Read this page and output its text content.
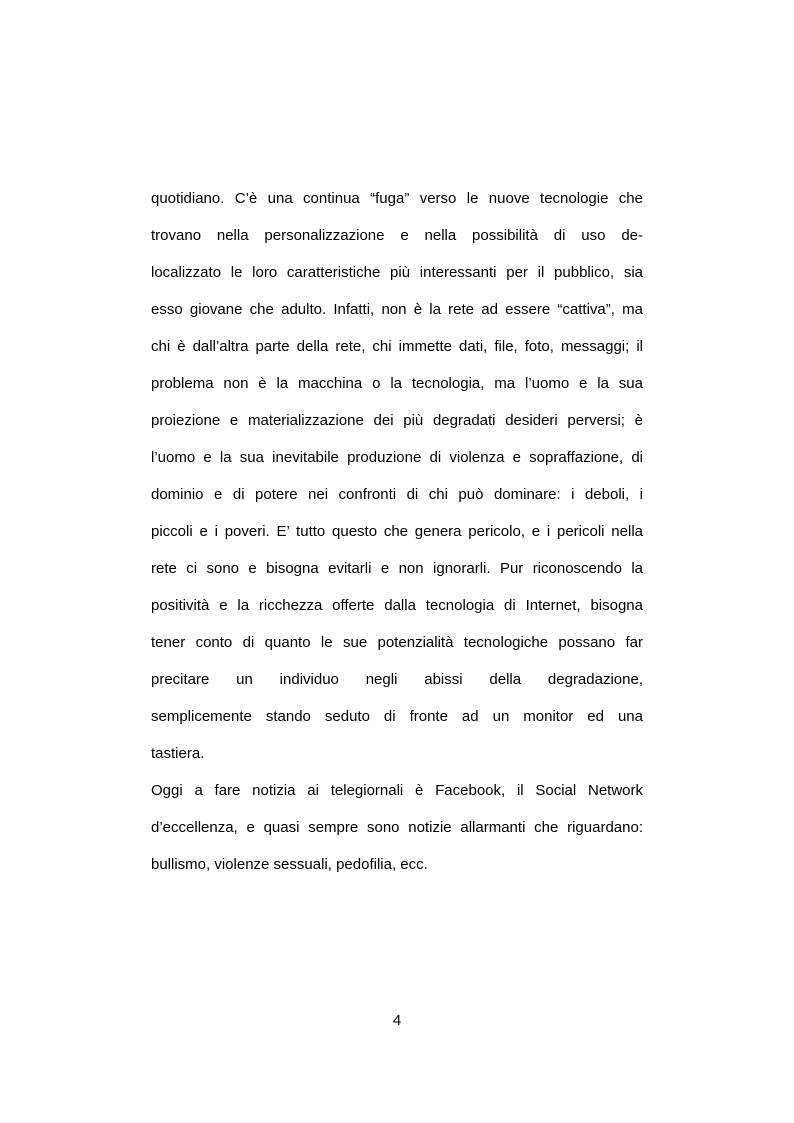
quotidiano. C’è una continua “fuga” verso le nuove tecnologie che
trovano nella personalizzazione e nella possibilità di uso de-
localizzato le loro caratteristiche più interessanti per il pubblico, sia
esso giovane che adulto. Infatti, non è la rete ad essere “cattiva”, ma
chi è dall’altra parte della rete, chi immette dati, file, foto, messaggi; il
problema non è la macchina o la tecnologia, ma l’uomo e la sua
proiezione e materializzazione dei più degradati desideri perversi; è
l’uomo e la sua inevitabile produzione di violenza e sopraffazione, di
dominio e di potere nei confronti di chi può dominare: i deboli, i
piccoli e i poveri. E’ tutto questo che genera pericolo, e i pericoli nella
rete ci sono e bisogna evitarli e non ignorarli. Pur riconoscendo la
positività e la ricchezza offerte dalla tecnologia di Internet, bisogna
tener conto di quanto le sue potenzialità tecnologiche possano far
precitare un individuo negli abissi della degradazione,
semplicemente stando seduto di fronte ad un monitor ed una
tastiera.
Oggi a fare notizia ai telegiornali è Facebook, il Social Network
d’eccellenza, e quasi sempre sono notizie allarmanti che riguardano:
bullismo, violenze sessuali, pedofilia, ecc.
4
